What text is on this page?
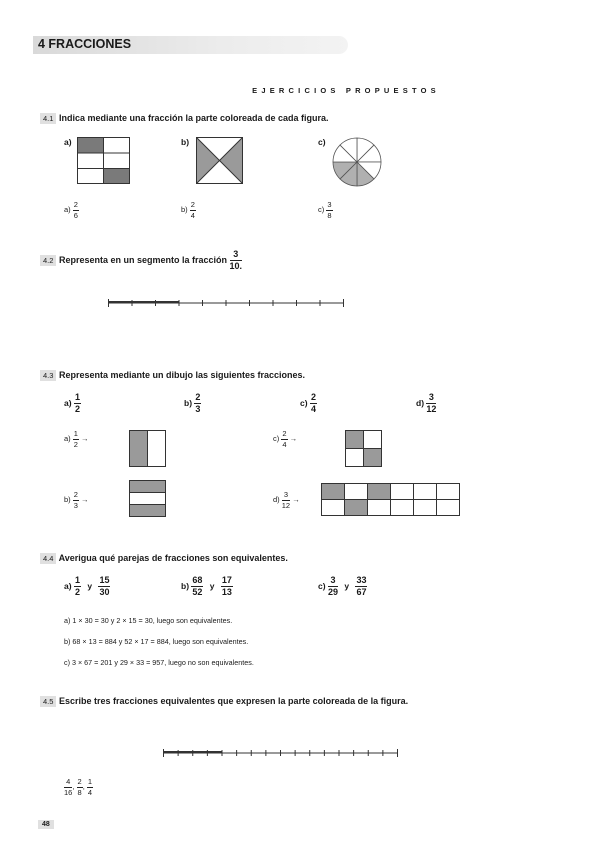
4 FRACCIONES
EJERCICIOS PROPUESTOS
4.1 Indica mediante una fracción la parte coloreada de cada figura.
a)	b)	c)
$a) \frac{2}{6}$	$b) \frac{2}{4}$	$c) \frac{3}{8}$
4.2 Representa en un segmento la fracción $\frac{3}{10.}$
4.3 Representa mediante un dibujo las siguientes fracciones.
$a) \frac{1}{2}$	$b) \frac{2}{3}$	$c) \frac{2}{4}$	$d) \frac{3}{12}$
$a) \frac{1}{2}$ →	$c) \frac{2}{4}$ →
$b) \frac{2}{3}$ →	$d) \frac{3}{12}$ →
4.4 Averigua qué parejas de fracciones son equivalentes.
$a) \frac{1}{2}$ y $\frac{15}{30}$	$b) \frac{68}{52}$ y $\frac{17}{13}$	$c) \frac{3}{29}$ y $\frac{33}{67}$
a) 1 × 30 = 30 y 2 × 15 = 30, luego son equivalentes.
b) 68 × 13 = 884 y 52 × 17 = 884, luego son equivalentes.
c) 3 × 67 = 201 y 29 × 33 = 957, luego no son equivalentes.
4.5 Escribe tres fracciones equivalentes que expresen la parte coloreada de la figura.
$\frac{4}{16}$ , $\frac{2}{8}$ , $\frac{1}{4}$
48
